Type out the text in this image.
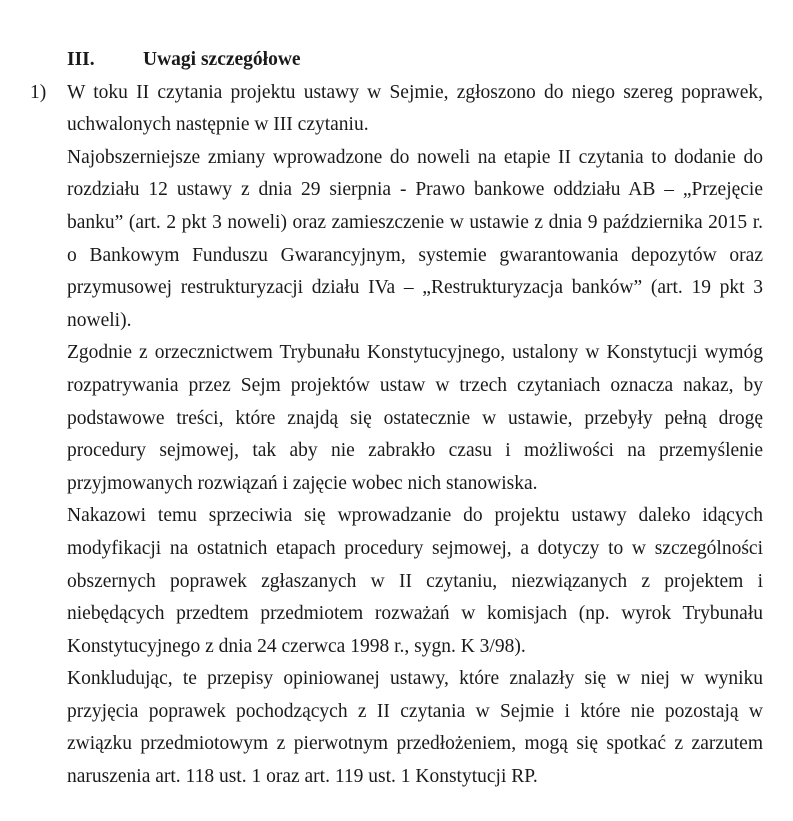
III. Uwagi szczegółowe
1) W toku II czytania projektu ustawy w Sejmie, zgłoszono do niego szereg poprawek,
uchwalonych następnie w III czytaniu.
Najobszerniejsze zmiany wprowadzone do noweli na etapie II czytania to dodanie do
rozdziału 12 ustawy z dnia 29 sierpnia - Prawo bankowe oddziału AB – „Przejęcie
banku” (art. 2 pkt 3 noweli) oraz zamieszczenie w ustawie z dnia 9 października 2015 r.
o Bankowym Funduszu Gwarancyjnym, systemie gwarantowania depozytów oraz
przymusowej restrukturyzacji działu IVa – „Restrukturyzacja banków” (art. 19 pkt 3
noweli).
Zgodnie z orzecznictwem Trybunału Konstytucyjnego, ustalony w Konstytucji wymóg
rozpatrywania przez Sejm projektów ustaw w trzech czytaniach oznacza nakaz, by
podstawowe treści, które znajdą się ostatecznie w ustawie, przebyły pełną drogę
procedury sejmowej, tak aby nie zabrakło czasu i możliwości na przemyślenie
przyjmowanych rozwiązań i zajęcie wobec nich stanowiska.
Nakazowi temu sprzeciwia się wprowadzanie do projektu ustawy daleko idących
modyfikacji na ostatnich etapach procedury sejmowej, a dotyczy to w szczególności
obszernych poprawek zgłaszanych w II czytaniu, niezwiązanych z projektem i
niebędących przedtem przedmiotem rozważań w komisjach (np. wyrok Trybunału
Konstytucyjnego z dnia 24 czerwca 1998 r., sygn. K 3/98).
Konkludując, te przepisy opiniowanej ustawy, które znalazły się w niej w wyniku
przyjęcia poprawek pochodzących z II czytania w Sejmie i które nie pozostają w
związku przedmiotowym z pierwotnym przedłożeniem, mogą się spotkać z zarzutem
naruszenia art. 118 ust. 1 oraz art. 119 ust. 1 Konstytucji RP.
